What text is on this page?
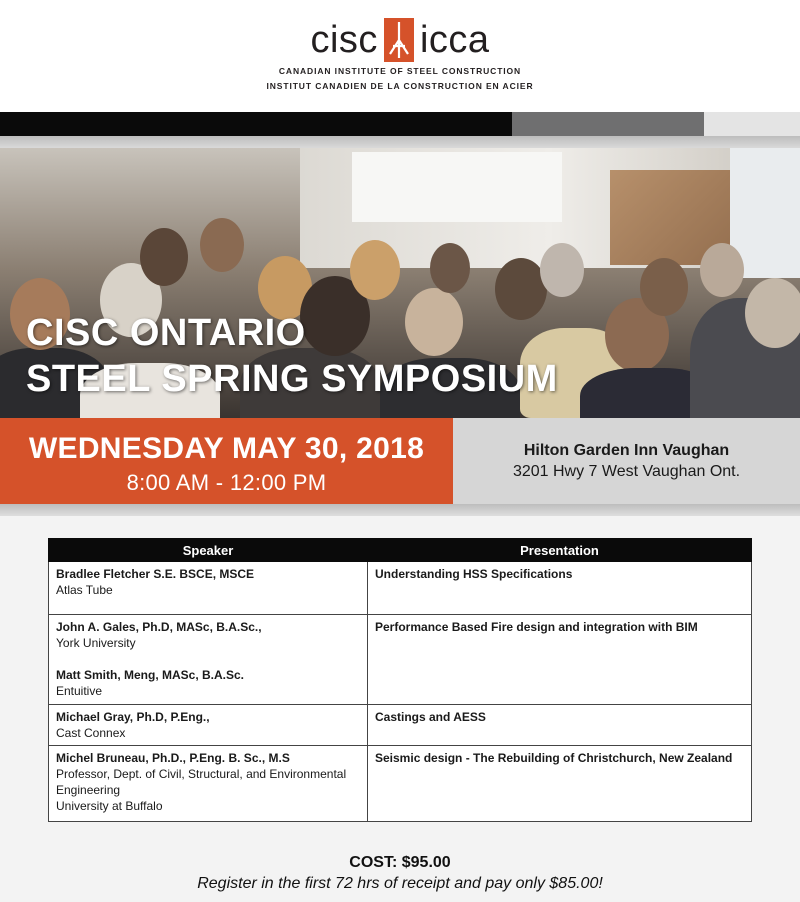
cisc icca
CANADIAN INSTITUTE OF STEEL CONSTRUCTION
INSTITUT CANADIEN DE LA CONSTRUCTION EN ACIER
CISC ONTARIO
STEEL SPRING SYMPOSIUM
WEDNESDAY MAY 30, 2018
8:00 AM - 12:00 PM
Hilton Garden Inn Vaughan
3201 Hwy 7 West Vaughan Ont.
Speaker	Presentation

Bradlee Fletcher S.E. BSCE, MSCE
Atlas Tube	Understanding HSS Specifications

John A. Gales, Ph.D, MASc, B.A.Sc.,
York University
Matt Smith, Meng, MASc, B.A.Sc.
Entuitive	Performance Based Fire design and integration with BIM

Michael Gray, Ph.D, P.Eng.,
Cast Connex	Castings and AESS

Michel Bruneau, Ph.D., P.Eng. B. Sc., M.S
Professor, Dept. of Civil, Structural, and Environmental Engineering
University at Buffalo	Seismic design - The Rebuilding of Christchurch, New Zealand
COST: $95.00
Register in the first 72 hrs of receipt and pay only $85.00!
